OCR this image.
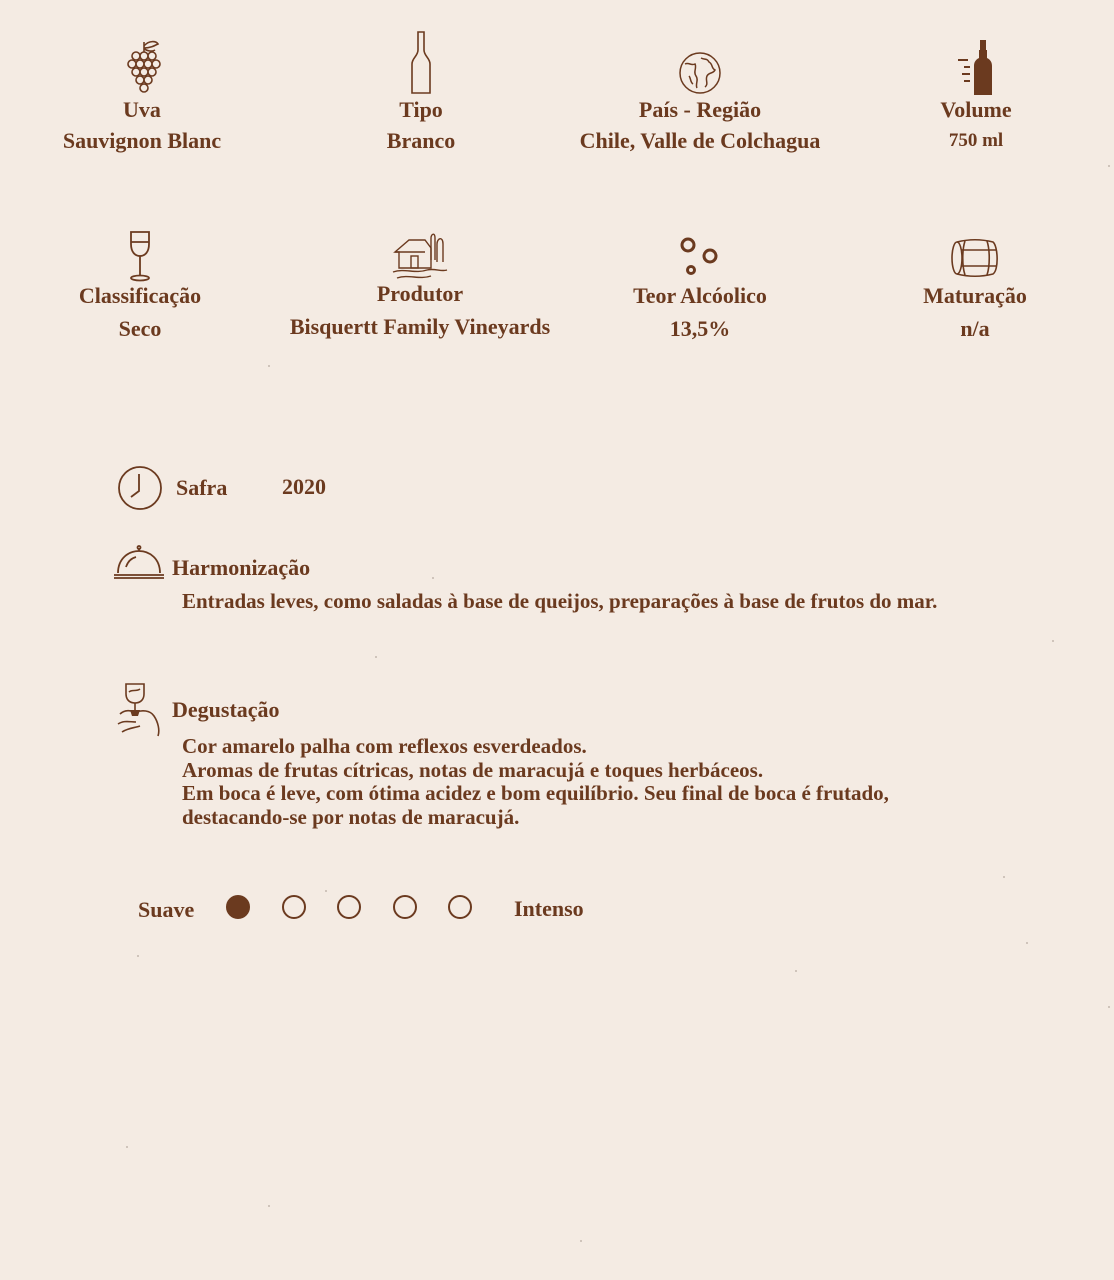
Uva
Sauvignon Blanc
Tipo
Branco
País - Região
Chile, Valle de Colchagua
Volume
750 ml
Classificação
Seco
Produtor
Bisquertt Family Vineyards
Teor Alcóolico
13,5%
Maturação
n/a
Safra 2020
Harmonização
Entradas leves, como saladas à base de queijos, preparações à base de frutos do mar.
Degustação
Cor amarelo palha com reflexos esverdeados.
Aromas de frutas cítricas, notas de maracujá e toques herbáceos.
Em boca é leve, com ótima acidez e bom equilíbrio. Seu final de boca é frutado,
destacando-se por notas de maracujá.
Suave	Intenso
